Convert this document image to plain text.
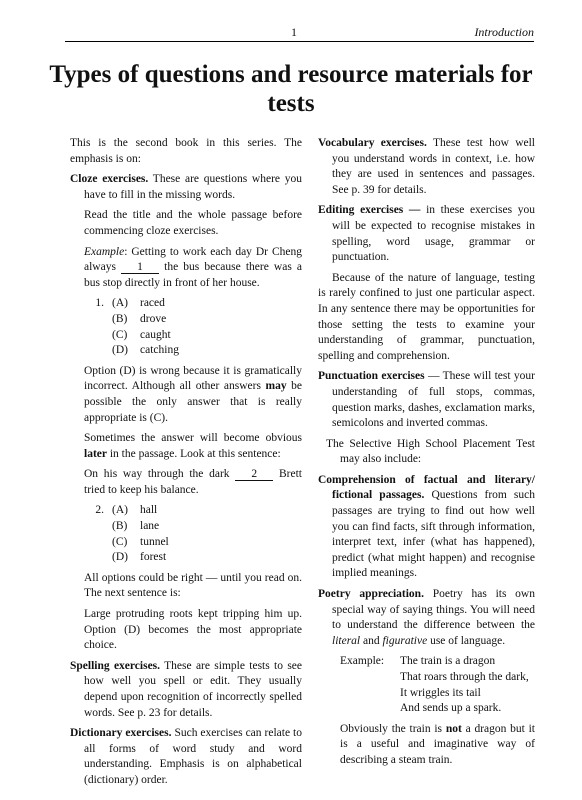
1	Introduction
Types of questions and resource materials for tests

This is the second book in this series. The emphasis is on:

Cloze exercises. These are questions where you have to fill in the missing words.

Read the title and the whole passage before commencing cloze exercises.

Example: Getting to work each day Dr Cheng always 1 the bus because there was a bus stop directly in front of her house.

1. (A)	raced
(B)	drove
(C)	caught
(D)	catching

Option (D) is wrong because it is gramatically incorrect. Although all other answers may be possible the only answer that is really appropriate is (C).

Sometimes the answer will become obvious later in the passage. Look at this sentence:

On his way through the dark 2 Brett tried to keep his balance.

2. (A)	hall
(B)	lane
(C)	tunnel
(D)	forest

All options could be right — until you read on. The next sentence is:

Large protruding roots kept tripping him up. Option (D) becomes the most appropriate choice.

Spelling exercises. These are simple tests to see how well you spell or edit. They usually depend upon recognition of incorrectly spelled words. See p. 23 for details.

Dictionary exercises. Such exercises can relate to all forms of word study and word understanding. Emphasis is on alphabetical (dictionary) order.

Vocabulary exercises. These test how well you understand words in context, i.e. how they are used in sentences and passages. See p. 39 for details.

Editing exercises — in these exercises you will be expected to recognise mistakes in spelling, word usage, grammar or punctuation.

Because of the nature of language, testing is rarely confined to just one particular aspect. In any sentence there may be opportunities for those setting the tests to examine your understanding of grammar, punctuation, spelling and comprehension.

Punctuation exercises — These will test your understanding of full stops, commas, question marks, dashes, exclamation marks, semicolons and inverted commas.

The Selective High School Placement Test may also include:

Comprehension of factual and literary/ fictional passages. Questions from such passages are trying to find out how well you can find facts, sift through information, interpret text, infer (what has happened), predict (what might happen) and recognise implied meanings.

Poetry appreciation. Poetry has its own special way of saying things. You will need to understand the difference between the literal and figurative use of language.

Example:	The train is a dragon
That roars through the dark,
It wriggles its tail
And sends up a spark.

Obviously the train is not a dragon but it is a useful and imaginative way of describing a steam train.
